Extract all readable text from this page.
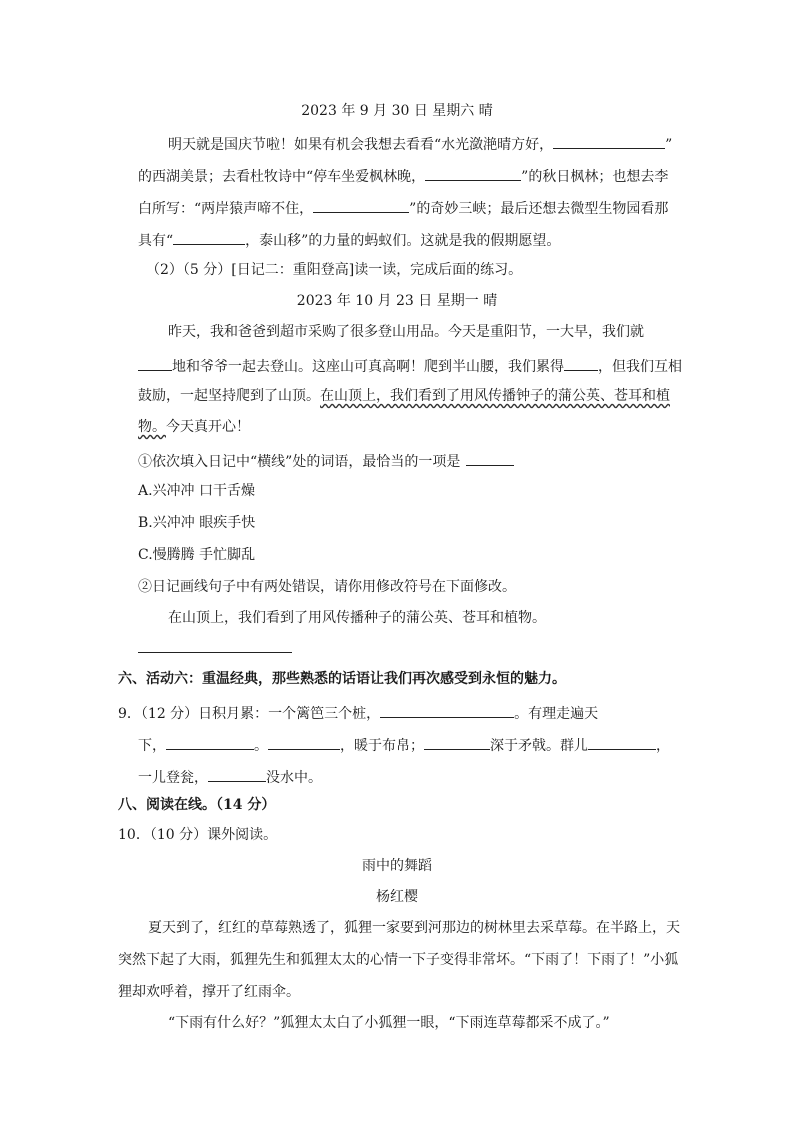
2023 年 9 月 30 日 星期六 晴
明天就是国庆节啦！如果有机会我想去看看“水光潋滟晴方好，	”
的西湖美景；去看杜牧诗中“停车坐爱枫林晚，	”的秋日枫林；也想去李
白所写：“两岸猿声啼不住，	”的奇妙三峡；最后还想去微型生物园看那
具有“	，泰山移”的力量的蚂蚁们。这就是我的假期愿望。
（2）（5 分）[日记二：重阳登高]读一读，完成后面的练习。
2023 年 10 月 23 日 星期一 晴
昨天，我和爸爸到超市采购了很多登山用品。今天是重阳节，一大早，我们就
地和爷爷一起去登山。这座山可真高啊！爬到半山腰，我们累得 ，但我们互相
鼓励，一起坚持爬到了山顶。在山顶上，我们看到了用风传播钟子的蒲公英、苍耳和植
物。今天真开心！
①依次填入日记中“横线”处的词语，最恰当的一项是
A.兴冲冲 口干舌燥
B.兴冲冲 眼疾手快
C.慢腾腾 手忙脚乱
②日记画线句子中有两处错误，请你用修改符号在下面修改。
在山顶上，我们看到了用风传播种子的蒲公英、苍耳和植物。
六、活动六：重温经典，那些熟悉的话语让我们再次感受到永恒的魅力。
9．（12 分）日积月累：一个篱笆三个桩，	。有理走遍天
下，	。	，暖于布帛；	深于矛戟。群儿	，
一儿登瓮，	没水中。
八、阅读在线。（14 分）
10．（10 分）课外阅读。
雨中的舞蹈
杨红樱
夏天到了，红红的草莓熟透了，狐狸一家要到河那边的树林里去采草莓。在半路上，天
突然下起了大雨，狐狸先生和狐狸太太的心情一下子变得非常坏。“下雨了！下雨了！”小狐
狸却欢呼着，撑开了红雨伞。
“下雨有什么好？”狐狸太太白了小狐狸一眼，“下雨连草莓都采不成了。”
